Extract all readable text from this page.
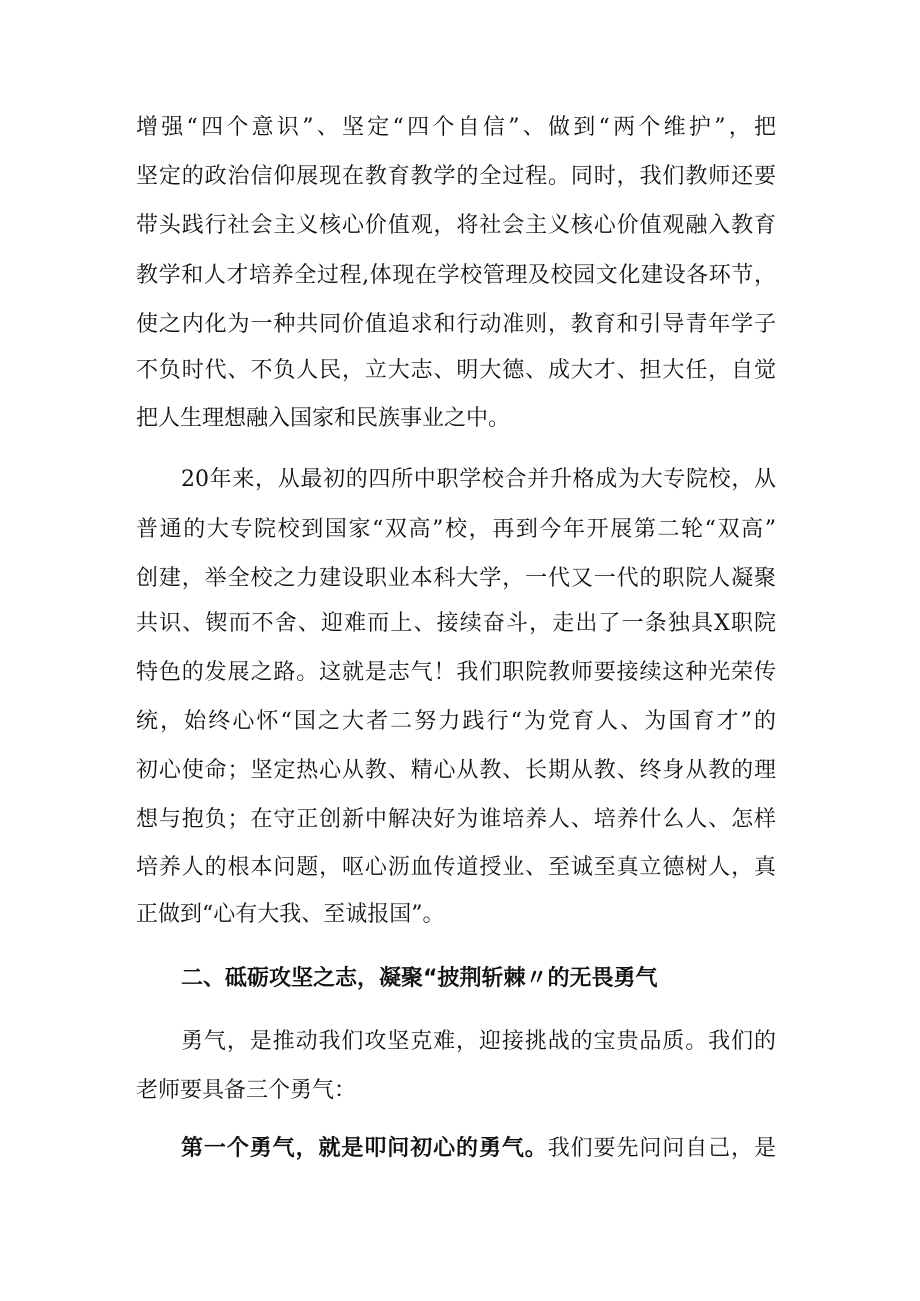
增强“四个意识”、坚定“四个自信”、做到“两个维护”，把
坚定的政治信仰展现在教育教学的全过程。同时，我们教师还要
带头践行社会主义核心价值观，将社会主义核心价值观融入教育
教学和人才培养全过程,体现在学校管理及校园文化建设各环节，
使之内化为一种共同价值追求和行动准则，教育和引导青年学子
不负时代、不负人民，立大志、明大德、成大才、担大任，自觉
把人生理想融入国家和民族事业之中。
20年来，从最初的四所中职学校合并升格成为大专院校，从
普通的大专院校到国家“双高”校，再到今年开展第二轮“双高”
创建，举全校之力建设职业本科大学，一代又一代的职院人凝聚
共识、锲而不舍、迎难而上、接续奋斗，走出了一条独具X职院
特色的发展之路。这就是志气！我们职院教师要接续这种光荣传
统，始终心怀“国之大者二努力践行“为党育人、为国育才”的
初心使命；坚定热心从教、精心从教、长期从教、终身从教的理
想与抱负；在守正创新中解决好为谁培养人、培养什么人、怎样
培养人的根本问题，呕心沥血传道授业、至诚至真立德树人，真
正做到“心有大我、至诚报国”。
二、砥砺攻坚之志，凝聚“披荆斩棘〃的无畏勇气
勇气，是推动我们攻坚克难，迎接挑战的宝贵品质。我们的
老师要具备三个勇气：
第一个勇气，就是叩问初心的勇气。我们要先问问自己，是
